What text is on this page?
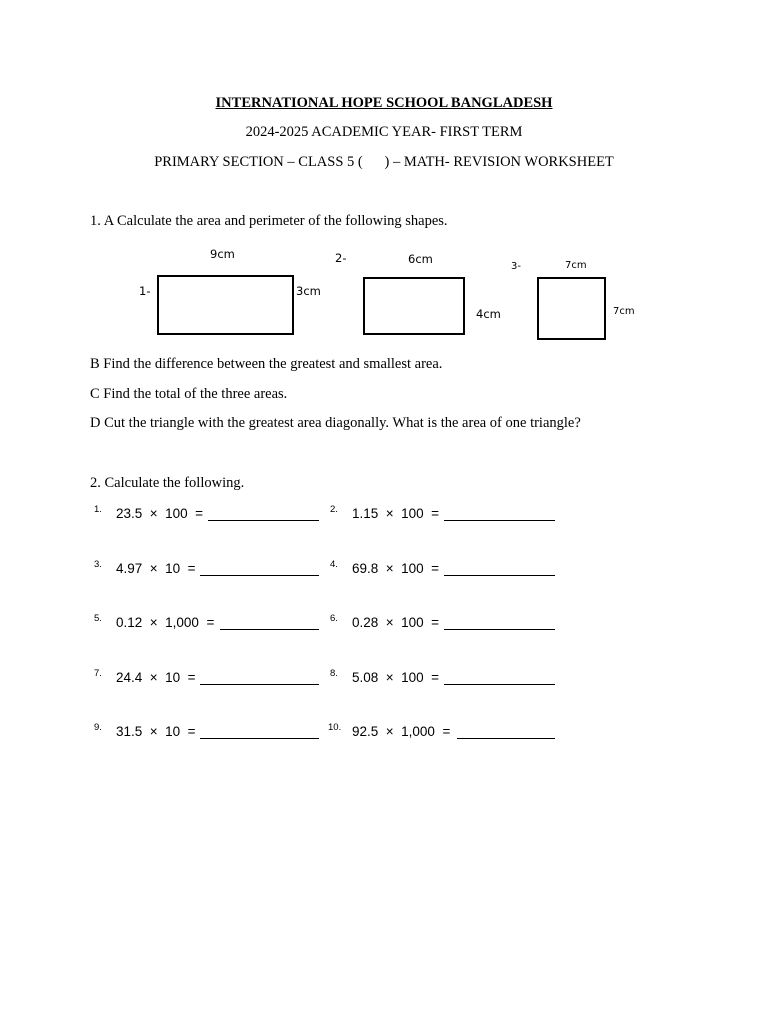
INTERNATIONAL HOPE SCHOOL BANGLADESH
2024-2025 ACADEMIC YEAR- FIRST TERM
PRIMARY SECTION – CLASS 5 (      ) – MATH- REVISION WORKSHEET
1. A Calculate the area and perimeter of the following shapes.
1-
9cm
3cm
2-	6cm
4cm
3-	7cm
7cm
B Find the difference between the greatest and smallest area.
C Find the total of the three areas.
D Cut the triangle with the greatest area diagonally. What is the area of one triangle?
2. Calculate the following.
1. 23.5  ×  100  =	2. 1.15  ×  100  =
3. 4.97  ×  10  =	4. 69.8  ×  100  =
5. 0.12  ×  1,000  =	6. 0.28  ×  100  =
7. 24.4  ×  10  =	8. 5.08  ×  100  =
9. 31.5  ×  10  =	10. 92.5  ×  1,000  =
